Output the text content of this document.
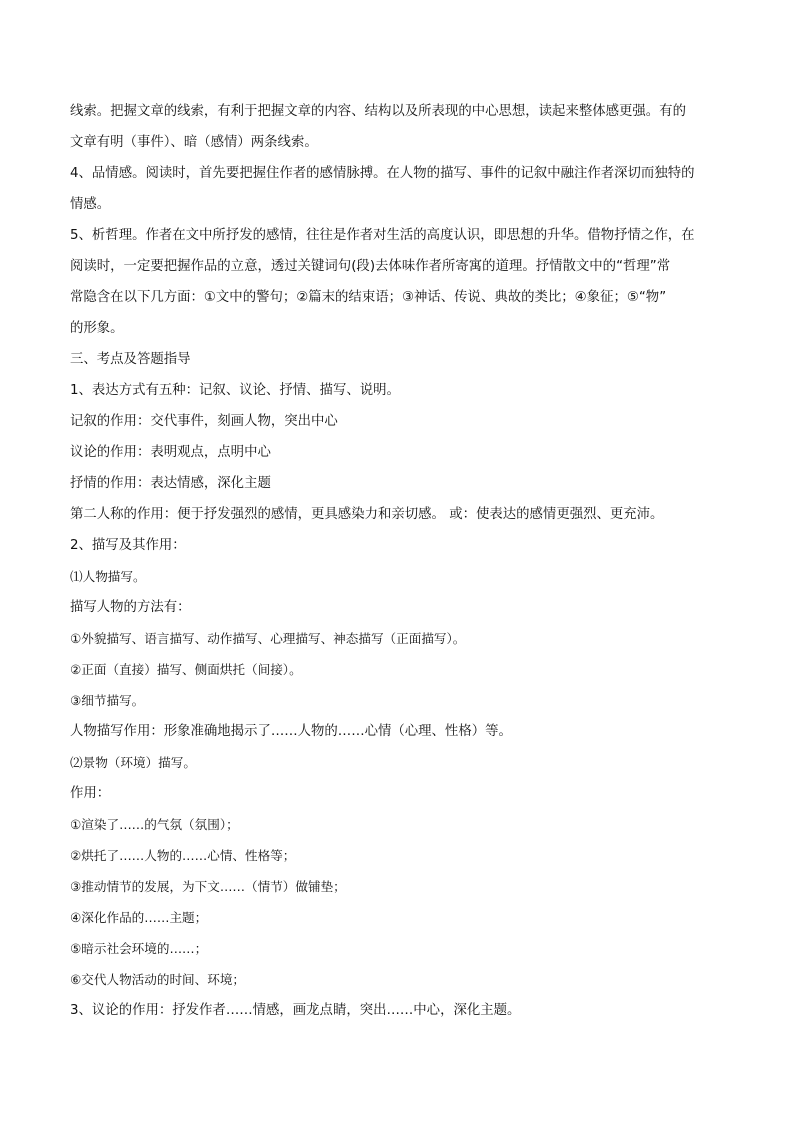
线索。把握文章的线索，有利于把握文章的内容、结构以及所表现的中心思想，读起来整体感更强。有的
文章有明（事件）、暗（感情）两条线索。
4、品情感。阅读时，首先要把握住作者的感情脉搏。在人物的描写、事件的记叙中融注作者深切而独特的
情感。
5、析哲理。作者在文中所抒发的感情，往往是作者对生活的高度认识，即思想的升华。借物抒情之作，在
阅读时，一定要把握作品的立意，透过关键词句(段)去体味作者所寄寓的道理。抒情散文中的“哲理”常
常隐含在以下几方面：①文中的警句；②篇末的结束语；③神话、传说、典故的类比；④象征；⑤“物”
的形象。
三、考点及答题指导
1、表达方式有五种：记叙、议论、抒情、描写、说明。
记叙的作用：交代事件，刻画人物，突出中心
议论的作用：表明观点，点明中心
抒情的作用：表达情感，深化主题
第二人称的作用：便于抒发强烈的感情，更具感染力和亲切感。 或：使表达的感情更强烈、更充沛。
2、描写及其作用：
⑴人物描写。
描写人物的方法有：
①外貌描写、语言描写、动作描写、心理描写、神态描写（正面描写）。
②正面（直接）描写、侧面烘托（间接）。
③细节描写。
人物描写作用：形象准确地揭示了……人物的……心情（心理、性格）等。
⑵景物（环境）描写。
作用：
①渲染了……的气氛（氛围）；
②烘托了……人物的……心情、性格等；
③推动情节的发展，为下文……（情节）做铺垫；
④深化作品的……主题；
⑤暗示社会环境的……；
⑥交代人物活动的时间、环境；
3、议论的作用：抒发作者……情感，画龙点睛，突出……中心，深化主题。
